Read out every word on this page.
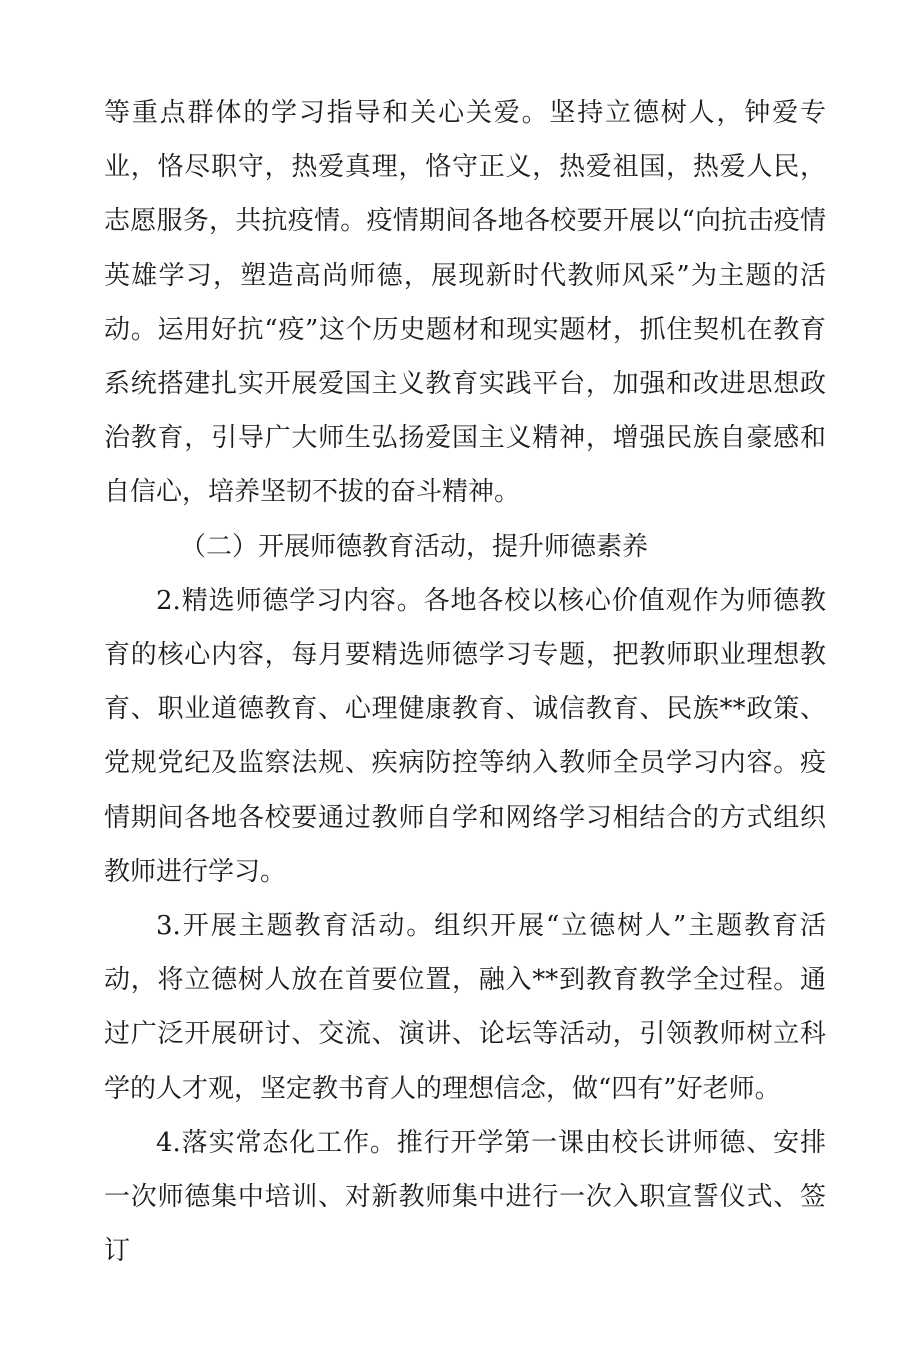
等重点群体的学习指导和关心关爱。坚持立德树人，钟爱专业，恪尽职守，热爱真理，恪守正义，热爱祖国，热爱人民，志愿服务，共抗疫情。疫情期间各地各校要开展以“向抗击疫情英雄学习，塑造高尚师德，展现新时代教师风采”为主题的活动。运用好抗“疫”这个历史题材和现实题材，抓住契机在教育系统搭建扎实开展爱国主义教育实践平台，加强和改进思想政治教育，引导广大师生弘扬爱国主义精神，增强民族自豪感和自信心，培养坚韧不拔的奋斗精神。

（二）开展师德教育活动，提升师德素养

2.精选师德学习内容。各地各校以核心价值观作为师德教育的核心内容，每月要精选师德学习专题，把教师职业理想教育、职业道德教育、心理健康教育、诚信教育、民族**政策、党规党纪及监察法规、疾病防控等纳入教师全员学习内容。疫情期间各地各校要通过教师自学和网络学习相结合的方式组织教师进行学习。

3.开展主题教育活动。组织开展“立德树人”主题教育活动，将立德树人放在首要位置，融入**到教育教学全过程。通过广泛开展研讨、交流、演讲、论坛等活动，引领教师树立科学的人才观，坚定教书育人的理想信念，做“四有”好老师。

4.落实常态化工作。推行开学第一课由校长讲师德、安排一次师德集中培训、对新教师集中进行一次入职宣誓仪式、签订
